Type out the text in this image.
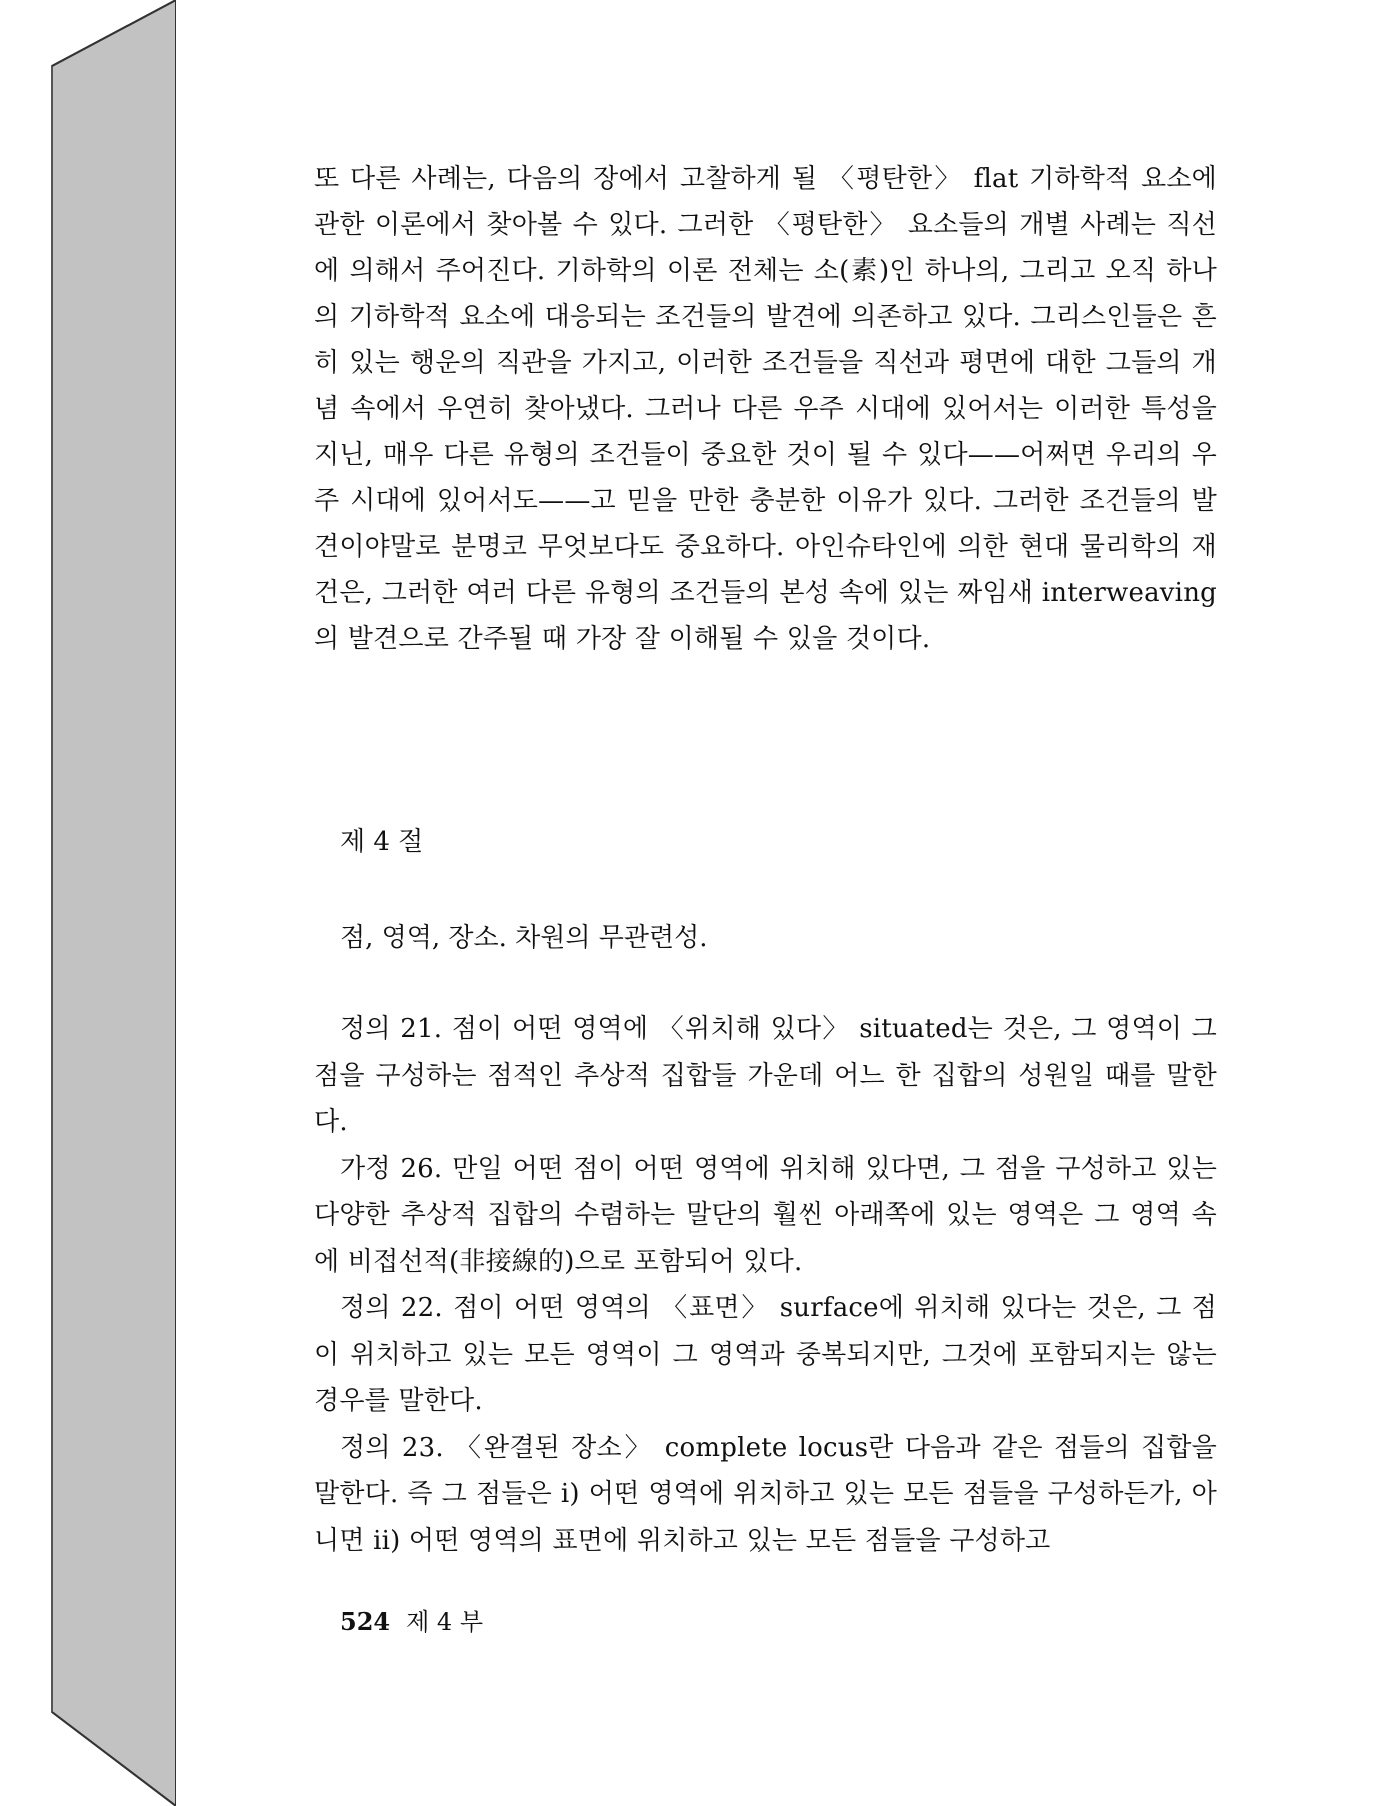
또 다른 사례는, 다음의 장에서 고찰하게 될 〈평탄한〉 flat 기하학적 요소에 관한 이론에서 찾아볼 수 있다. 그러한 〈평탄한〉 요소들의 개별 사례는 직선에 의해서 주어진다. 기하학의 이론 전체는 소(素)인 하나의, 그리고 오직 하나의 기하학적 요소에 대응되는 조건들의 발견에 의존하고 있다. 그리스인들은 흔히 있는 행운의 직관을 가지고, 이러한 조건들을 직선과 평면에 대한 그들의 개념 속에서 우연히 찾아냈다. 그러나 다른 우주 시대에 있어서는 이러한 특성을 지닌, 매우 다른 유형의 조건들이 중요한 것이 될 수 있다——어쩌면 우리의 우주 시대에 있어서도——고 믿을 만한 충분한 이유가 있다. 그러한 조건들의 발견이야말로 분명코 무엇보다도 중요하다. 아인슈타인에 의한 현대 물리학의 재건은, 그러한 여러 다른 유형의 조건들의 본성 속에 있는 짜임새 interweaving의 발견으로 간주될 때 가장 잘 이해될 수 있을 것이다.

제 4 절

점, 영역, 장소. 차원의 무관련성.

정의 21. 점이 어떤 영역에 〈위치해 있다〉 situated는 것은, 그 영역이 그 점을 구성하는 점적인 추상적 집합들 가운데 어느 한 집합의 성원일 때를 말한다.

가정 26. 만일 어떤 점이 어떤 영역에 위치해 있다면, 그 점을 구성하고 있는 다양한 추상적 집합의 수렴하는 말단의 훨씬 아래쪽에 있는 영역은 그 영역 속에 비접선적(非接線的)으로 포함되어 있다.

정의 22. 점이 어떤 영역의 〈표면〉 surface에 위치해 있다는 것은, 그 점이 위치하고 있는 모든 영역이 그 영역과 중복되지만, 그것에 포함되지는 않는 경우를 말한다.

정의 23. 〈완결된 장소〉 complete locus란 다음과 같은 점들의 집합을 말한다. 즉 그 점들은 i) 어떤 영역에 위치하고 있는 모든 점들을 구성하든가, 아니면 ii) 어떤 영역의 표면에 위치하고 있는 모든 점들을 구성하고

524 제 4 부
